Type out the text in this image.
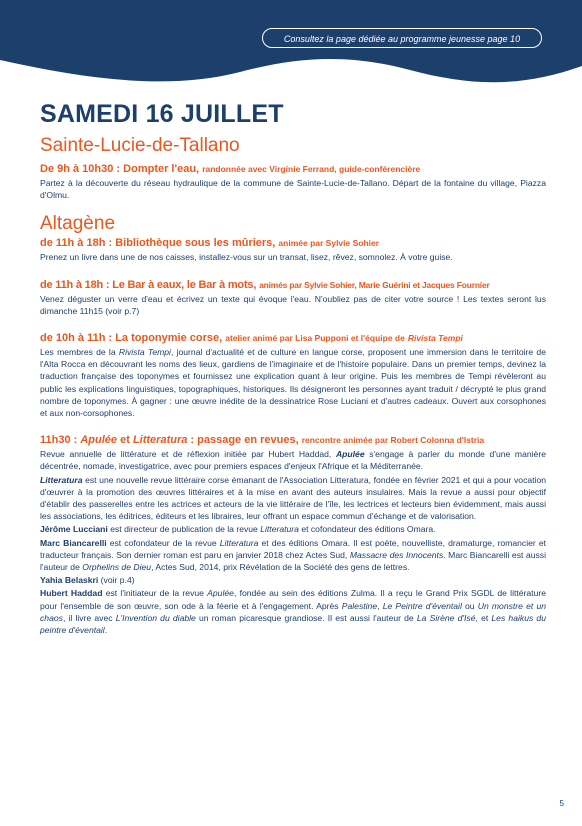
Consultez la page dédiée au programme jeunesse page 10
SAMEDI 16 JUILLET
Sainte-Lucie-de-Tallano
De 9h à 10h30 : Dompter l'eau, randonnée avec Virginie Ferrand, guide-conférencière

Partez à la découverte du réseau hydraulique de la commune de Sainte-Lucie-de-Tallano. Départ de la fontaine du village, Piazza d'Olmu.

Altagène
de 11h à 18h : Bibliothèque sous les mûriers, animée par Sylvie Sohier

Prenez un livre dans une de nos caisses, installez-vous sur un transat, lisez, rêvez, somnolez. À votre guise.

de 11h à 18h : Le Bar à eaux, le Bar à mots, animés par Sylvie Sohier, Marie Guérini et Jacques Fournier

Venez déguster un verre d'eau et écrivez un texte qui évoque l'eau. N'oubliez pas de citer votre source ! Les textes seront lus dimanche 11h15 (voir p.7)

de 10h à 11h : La toponymie corse, atelier animé par Lisa Pupponi et l'équipe de Rivista Tempi

Les membres de la Rivista Tempi, journal d'actualité et de culture en langue corse, proposent une immersion dans le territoire de l'Alta Rocca en découvrant les noms des lieux, gardiens de l'imaginaire et de l'histoire populaire. Dans un premier temps, devinez la traduction française des toponymes et fournissez une explication quant à leur origine. Puis les membres de Tempi révèleront au public les explications linguistiques, topographiques, historiques. Ils désigneront les personnes ayant traduit / décrypté le plus grand nombre de toponymes. À gagner : une œuvre inédite de la dessinatrice Rose Luciani et d'autres cadeaux. Ouvert aux corsophones et aux non-corsophones.

11h30 : Apulée et Litteratura : passage en revues, rencontre animée par Robert Colonna d'Istria

Revue annuelle de littérature et de réflexion initiée par Hubert Haddad, Apulée s'engage à parler du monde d'une manière décentrée, nomade, investigatrice, avec pour premiers espaces d'enjeux l'Afrique et la Méditerranée.

Litteratura est une nouvelle revue littéraire corse émanant de l'Association Litteratura, fondée en février 2021 et qui a pour vocation d'œuvrer à la promotion des œuvres littéraires et à la mise en avant des auteurs insulaires. Mais la revue a aussi pour objectif d'établir des passerelles entre les actrices et acteurs de la vie littéraire de l'île, les lectrices et lecteurs bien évidemment, mais aussi les associations, les éditrices, éditeurs et les libraires, leur offrant un espace commun d'échange et de valorisation.

Jérôme Lucciani est directeur de publication de la revue Litteratura et cofondateur des éditions Omara.

Marc Biancarelli est cofondateur de la revue Litteratura et des éditions Omara. Il est poète, nouvelliste, dramaturge, romancier et traducteur français. Son dernier roman est paru en janvier 2018 chez Actes Sud, Massacre des Innocents. Marc Biancarelli est aussi l'auteur de Orphelins de Dieu, Actes Sud, 2014, prix Révélation de la Société des gens de lettres.

Yahia Belaskri (voir p.4)

Hubert Haddad est l'initiateur de la revue Apulée, fondée au sein des éditions Zulma. Il a reçu le Grand Prix SGDL de littérature pour l'ensemble de son œuvre, son ode à la féerie et à l'engagement. Après Palestine, Le Peintre d'éventail ou Un monstre et un chaos, il livre avec L'Invention du diable un roman picaresque grandiose. Il est aussi l'auteur de La Sirène d'Isé, et Les haikus du peintre d'éventail.

5
